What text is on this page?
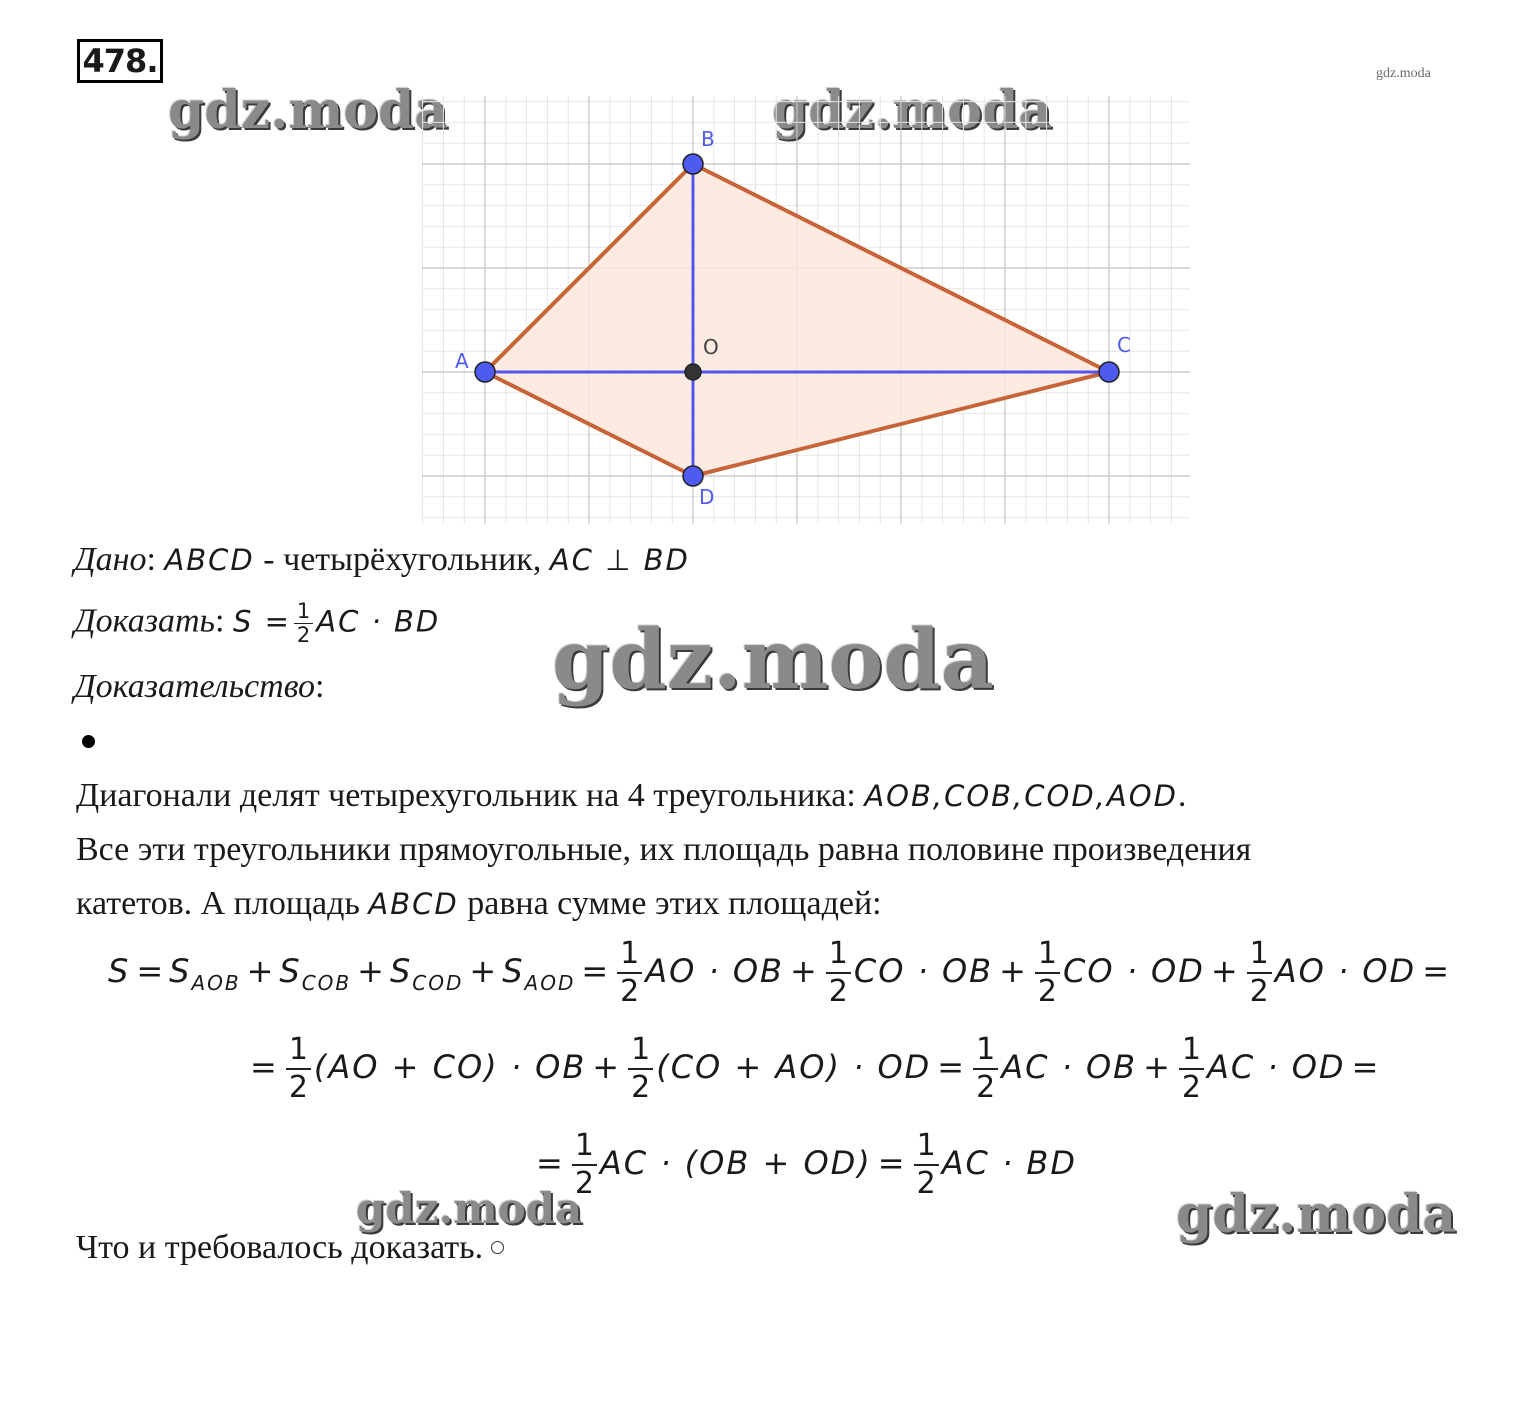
478.
gdz.moda	gdz.moda
gdz.moda
gdz.moda
gdz.moda	gdz.moda
A
B
C
D
O
Дано: ABCD - четырёхугольник, AC ⊥ BD
Доказать: $S = \frac{1}{2}$ AC · BD
Доказательство:
Диагонали делят четырехугольник на 4 треугольника: AOB,COB,COD,AOD.
Все эти треугольники прямоугольные, их площадь равна половине произведения
катетов. А площадь ABCD равна сумме этих площадей:
$S = S_{AOB} + S_{COB} + S_{COD} + S_{AOD} = \frac{1}{2}$ AO · OB + $\frac{1}{2}$ CO · OB + $\frac{1}{2}$ CO · OD + $\frac{1}{2}$ AO · OD =
= $\frac{1}{2} (AO + CO)$ · OB + $\frac{1}{2} (CO + AO)$ · OD = $\frac{1}{2}$ AC · OB + $\frac{1}{2}$ AC · OD =
= $\frac{1}{2}$ AC · $(OB + OD) = \frac{1}{2}$ AC · BD
Что и требовалось доказать.
